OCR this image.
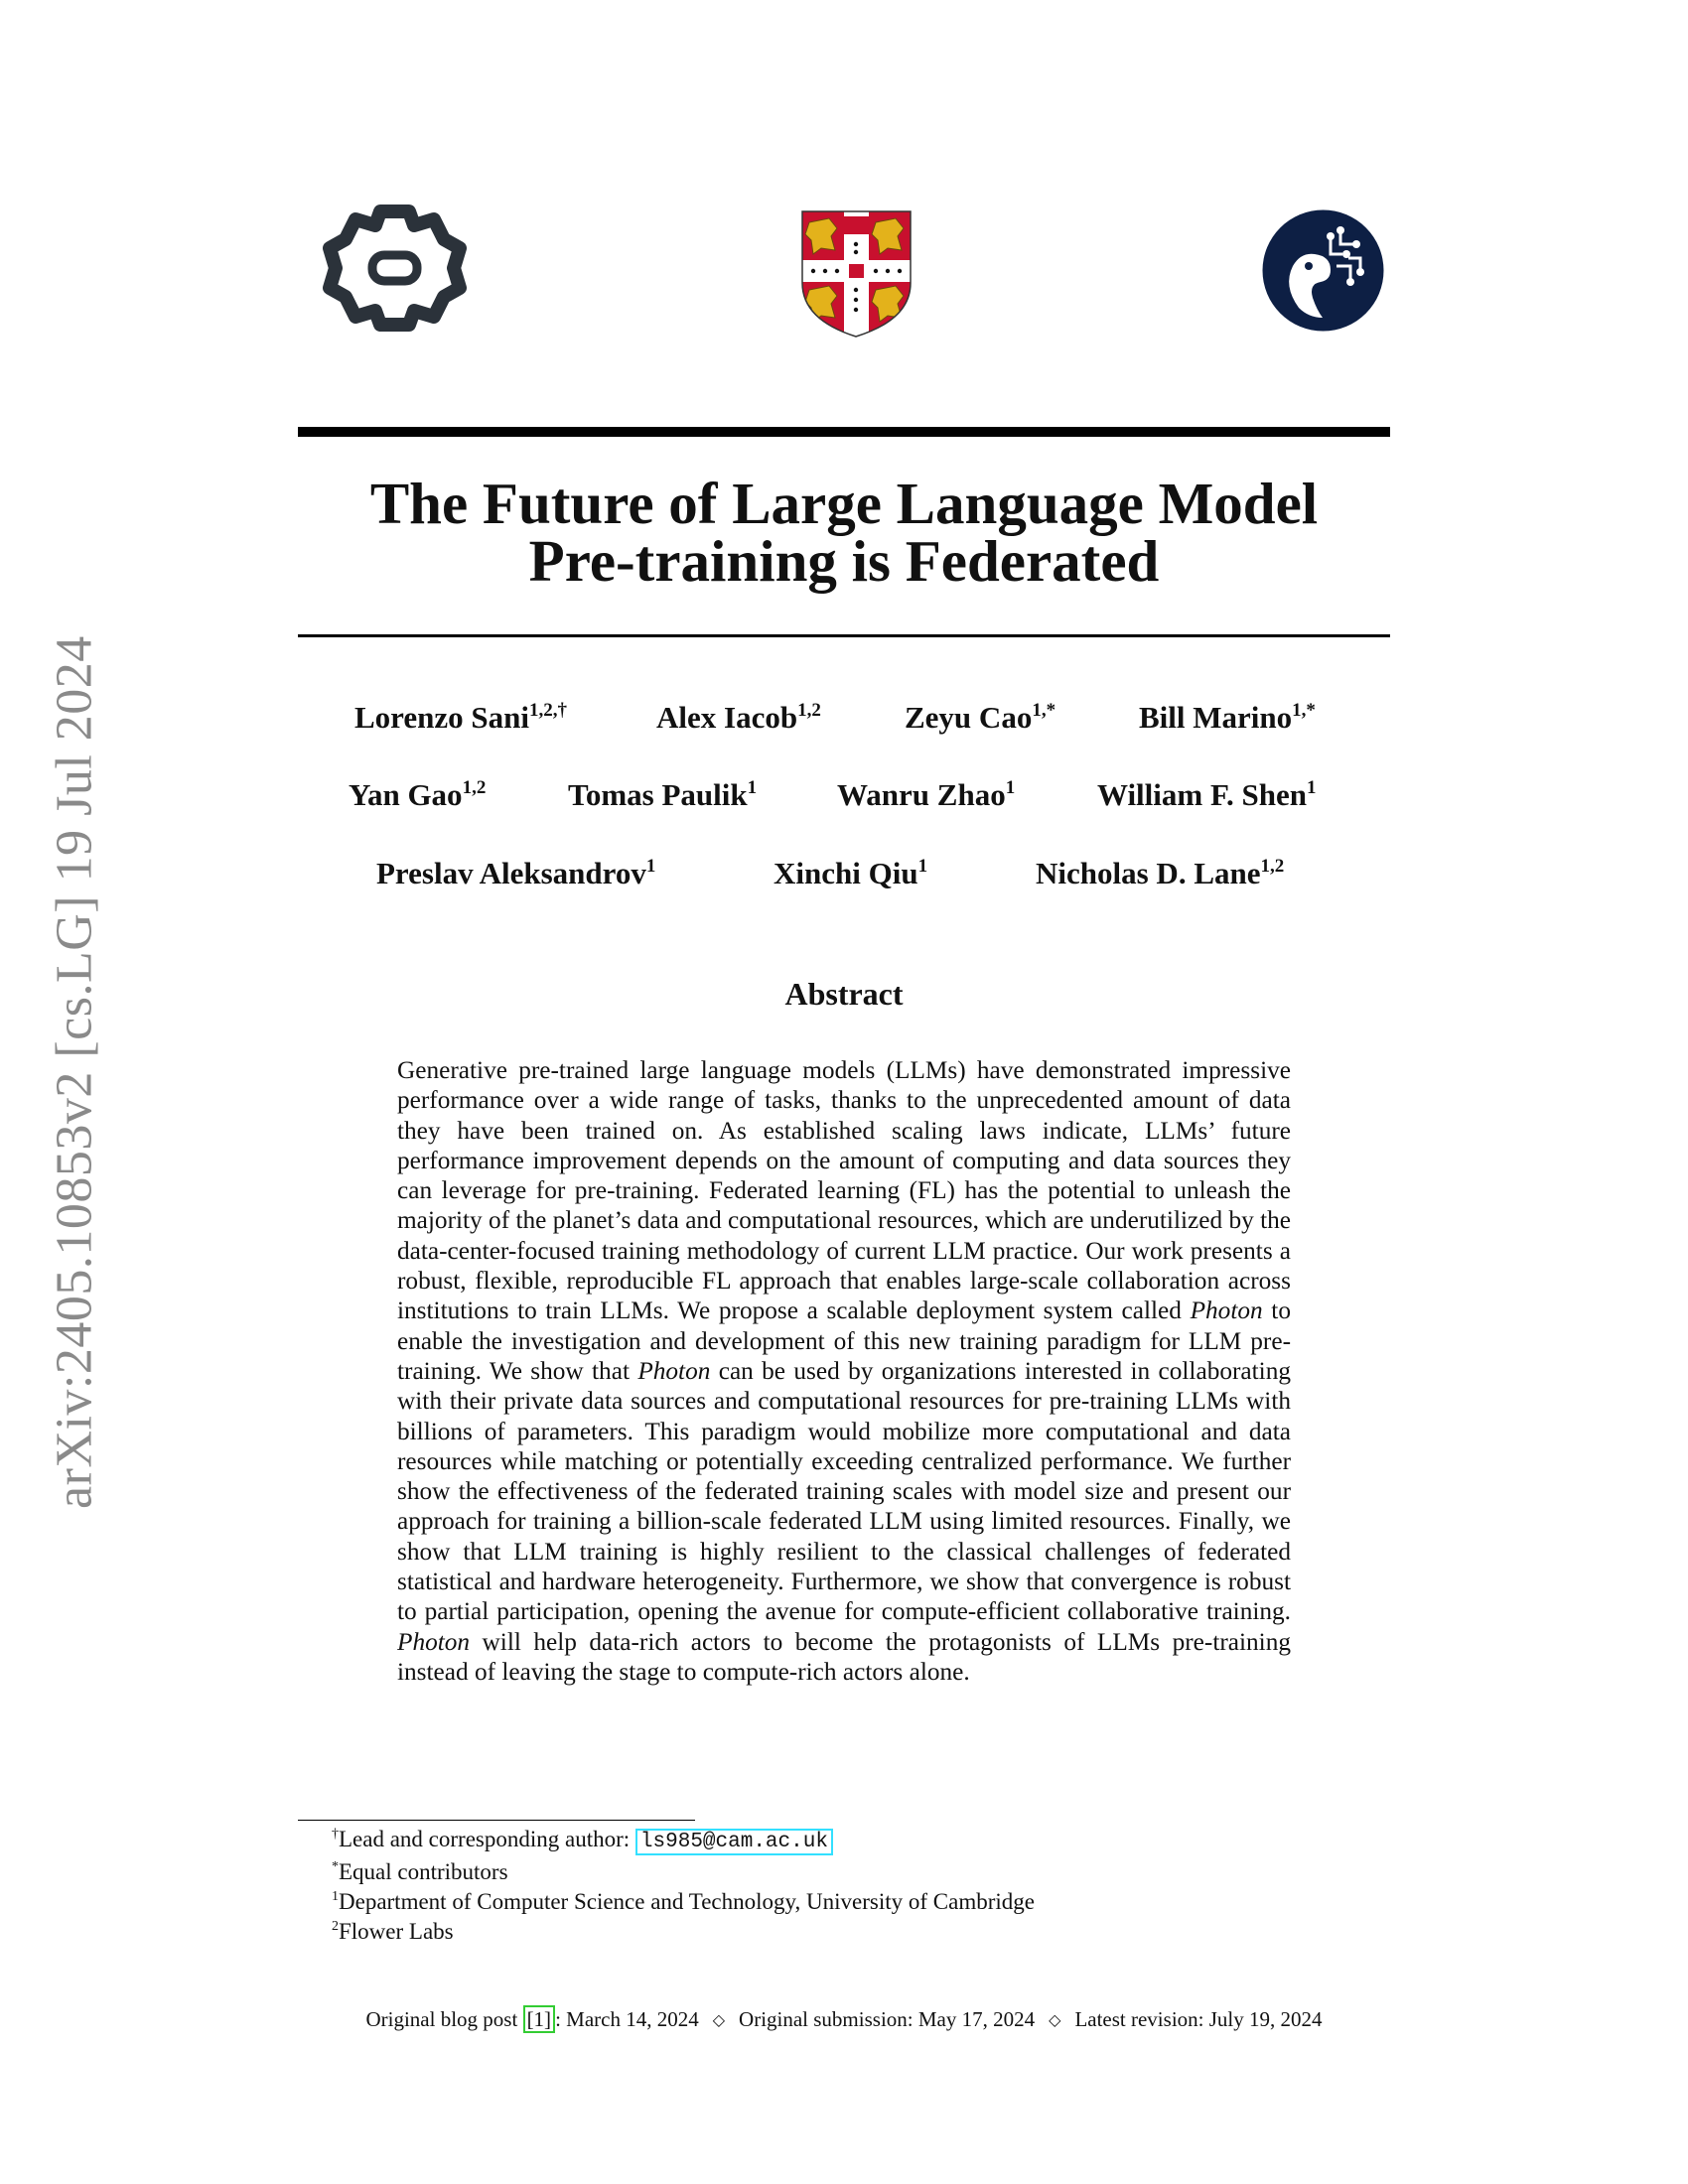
arXiv:2405.10853v2 [cs.LG] 19 Jul 2024
The Future of Large Language Model
Pre-training is Federated
Lorenzo Sani$^{1,2,\dagger}$	Alex Iacob$^{1,2}$	Zeyu Cao$^{1,*}$	Bill Marino$^{1,*}$
Yan Gao$^{1,2}$	Tomas Paulik$^1$	Wanru Zhao$^1$	William F. Shen$^1$
Preslav Aleksandrov$^1$	Xinchi Qiu$^1$	Nicholas D. Lane$^{1,2}$
Abstract

Generative pre-trained large language models (LLMs) have demonstrated impressive performance over a wide range of tasks, thanks to the unprecedented amount of data they have been trained on. As established scaling laws indicate, LLMs’ future performance improvement depends on the amount of computing and data sources they can leverage for pre-training. Federated learning (FL) has the potential to unleash the majority of the planet’s data and computational resources, which are underutilized by the data-center-focused training methodology of current LLM practice. Our work presents a robust, flexible, reproducible FL approach that enables large-scale collaboration across institutions to train LLMs. We propose a scalable deployment system called Photon to enable the investigation and development of this new training paradigm for LLM pre-training. We show that Photon can be used by organizations interested in collaborating with their private data sources and computational resources for pre-training LLMs with billions of parameters. This paradigm would mobilize more computational and data resources while matching or potentially exceeding centralized performance. We further show the effectiveness of the federated training scales with model size and present our approach for training a billion-scale federated LLM using limited resources. Finally, we show that LLM training is highly resilient to the classical challenges of federated statistical and hardware heterogeneity. Furthermore, we show that convergence is robust to partial participation, opening the avenue for compute-efficient collaborative training. Photon will help data-rich actors to become the protagonists of LLMs pre-training instead of leaving the stage to compute-rich actors alone.

†Lead and corresponding author: ls985@cam.ac.uk
*Equal contributors
$^1$Department of Computer Science and Technology, University of Cambridge
$^2$Flower Labs
Original blog post [1] : March 14, 2024 ◇ Original submission: May 17, 2024 ◇ Latest revision: July 19, 2024
